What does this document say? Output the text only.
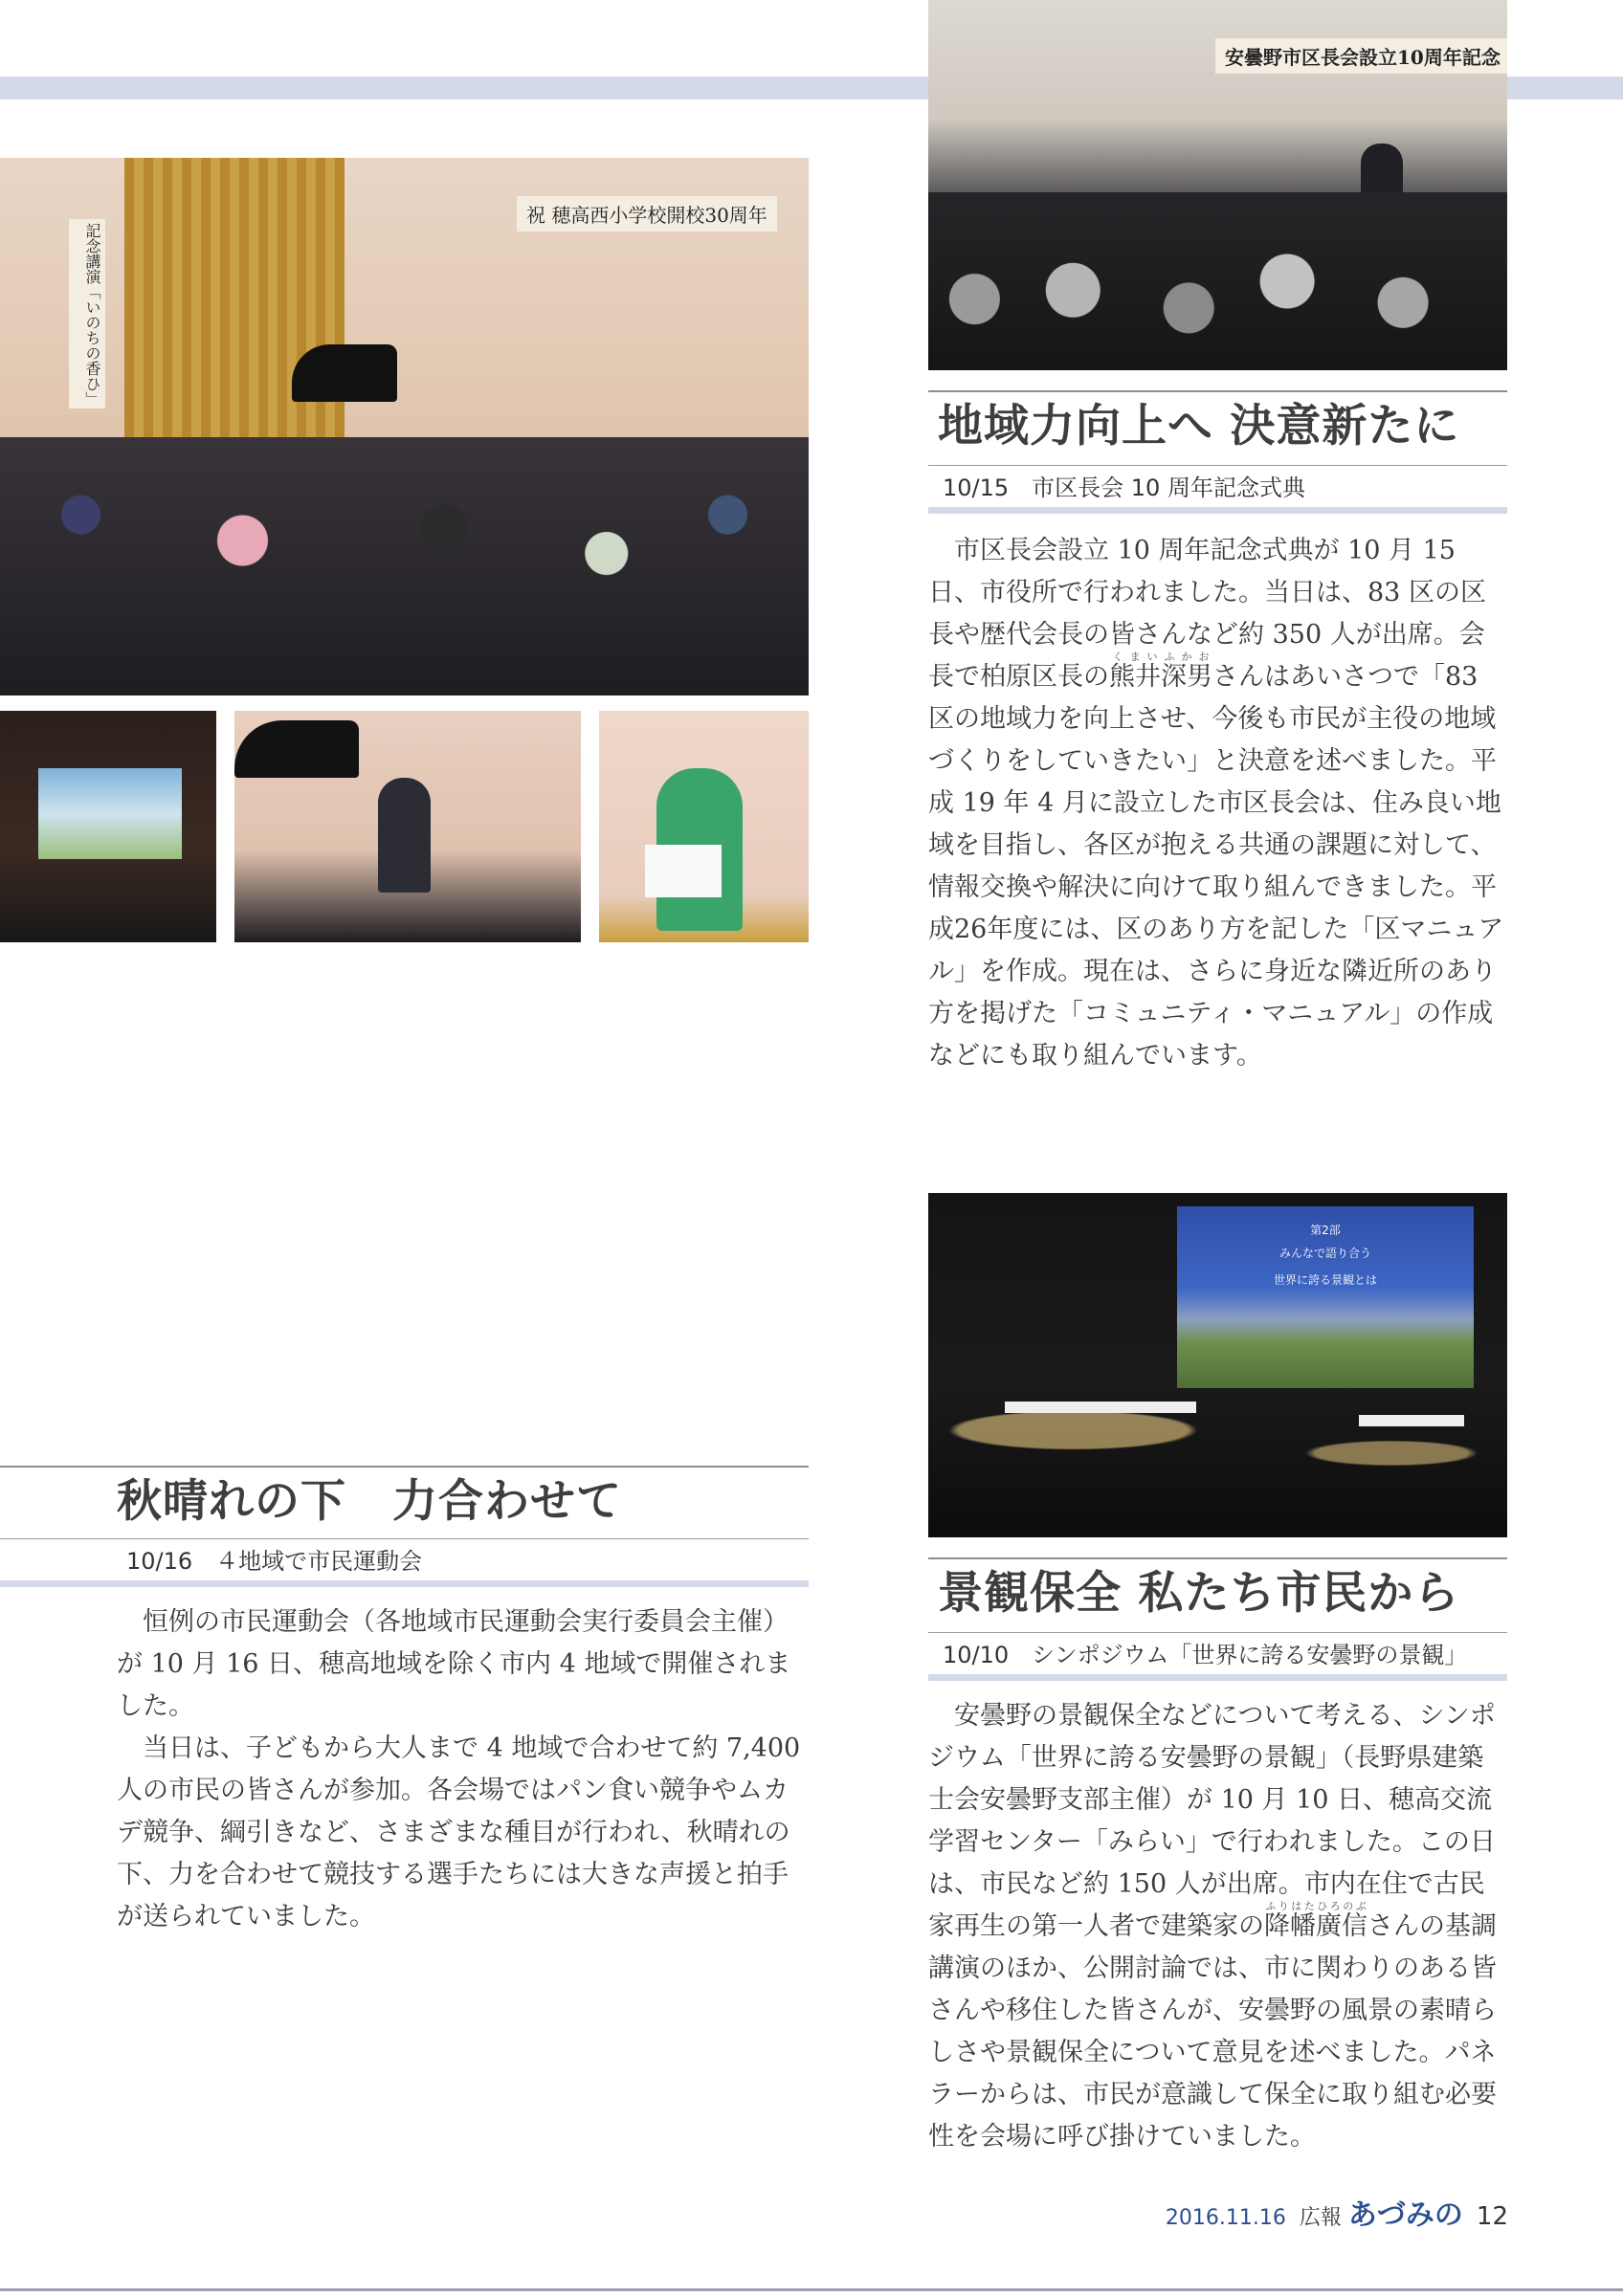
祝 穂高西小学校開校30周年
記念講演「いのちの香ひ」
安曇野市区長会設立10周年記念
地域力向上へ 決意新たに
10/15　市区長会 10 周年記念式典

市区長会設立 10 周年記念式典が 10 月 15 日、市役所で行われました。当日は、83 区の区長や歴代会長の皆さんなど約 350 人が出席。会長で柏原区長の熊井深男くまいふかおさんはあいさつで「83 区の地域力を向上させ、今後も市民が主役の地域づくりをしていきたい」と決意を述べました。平成 19 年 4 月に設立した市区長会は、住み良い地域を目指し、各区が抱える共通の課題に対して、情報交換や解決に向けて取り組んできました。平成26年度には、区のあり方を記した「区マニュアル」を作成。現在は、さらに身近な隣近所のあり方を掲げた「コミュニティ・マニュアル」の作成などにも取り組んでいます。

第2部
みんなで語り合う
世界に誇る景観とは
景観保全 私たち市民から
10/10　シンポジウム「世界に誇る安曇野の景観」

安曇野の景観保全などについて考える、シンポジウム「世界に誇る安曇野の景観」（長野県建築士会安曇野支部主催）が 10 月 10 日、穂高交流学習センター「みらい」で行われました。この日は、市民など約 150 人が出席。市内在住で古民家再生の第一人者で建築家の降幡廣信ふりはたひろのぶさんの基調講演のほか、公開討論では、市に関わりのある皆さんや移住した皆さんが、安曇野の風景の素晴らしさや景観保全について意見を述べました。パネラーからは、市民が意識して保全に取り組む必要性を会場に呼び掛けていました。

秋晴れの下　力合わせて
10/16　４地域で市民運動会

恒例の市民運動会（各地域市民運動会実行委員会主催）が 10 月 16 日、穂高地域を除く市内 4 地域で開催されました。

当日は、子どもから大人まで 4 地域で合わせて約 7,400 人の市民の皆さんが参加。各会場ではパン食い競争やムカデ競争、綱引きなど、さまざまな種目が行われ、秋晴れの下、力を合わせて競技する選手たちには大きな声援と拍手が送られていました。

2016.11.16 広報 あづみの 12
